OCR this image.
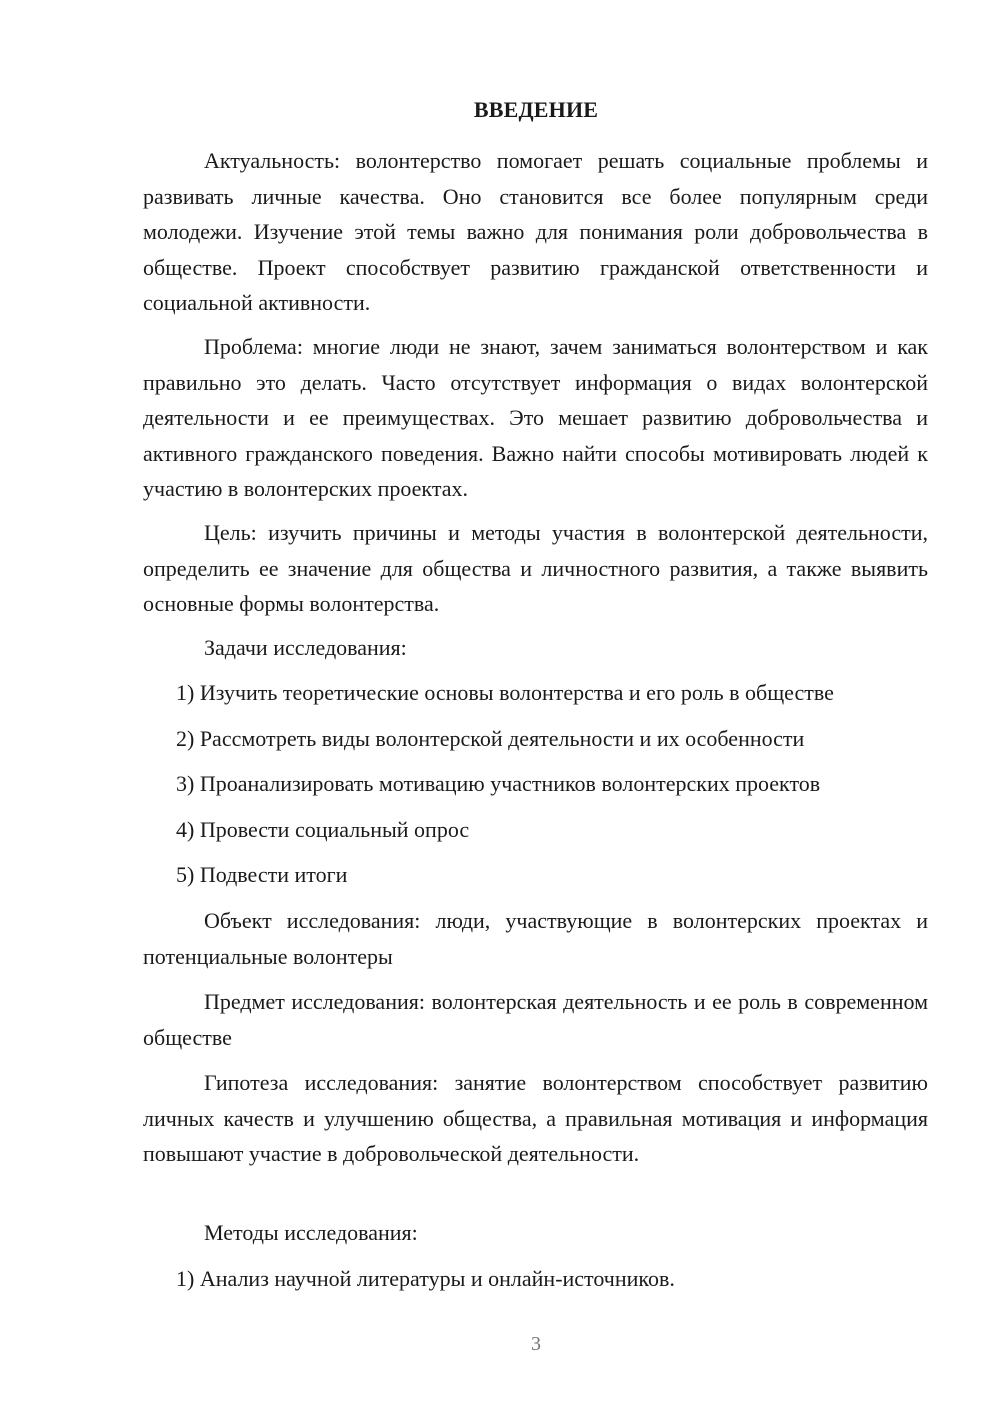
ВВЕДЕНИЕ

Актуальность: волонтерство помогает решать социальные проблемы и развивать личные качества. Оно становится все более популярным среди молодежи. Изучение этой темы важно для понимания роли добровольчества в обществе. Проект способствует развитию гражданской ответственности и социальной активности.

Проблема: многие люди не знают, зачем заниматься волонтерством и как правильно это делать. Часто отсутствует информация о видах волонтерской деятельности и ее преимуществах. Это мешает развитию добровольчества и активного гражданского поведения. Важно найти способы мотивировать людей к участию в волонтерских проектах.

Цель: изучить причины и методы участия в волонтерской деятельности, определить ее значение для общества и личностного развития, а также выявить основные формы волонтерства.

Задачи исследования:

1) Изучить теоретические основы волонтерства и его роль в обществе

2) Рассмотреть виды волонтерской деятельности и их особенности

3) Проанализировать мотивацию участников волонтерских проектов

4) Провести социальный опрос

5) Подвести итоги

Объект исследования: люди, участвующие в волонтерских проектах и потенциальные волонтеры

Предмет исследования: волонтерская деятельность и ее роль в современном обществе

Гипотеза исследования: занятие волонтерством способствует развитию личных качеств и улучшению общества, а правильная мотивация и информация повышают участие в добровольческой деятельности.

Методы исследования:

1) Анализ научной литературы и онлайн-источников.

3
